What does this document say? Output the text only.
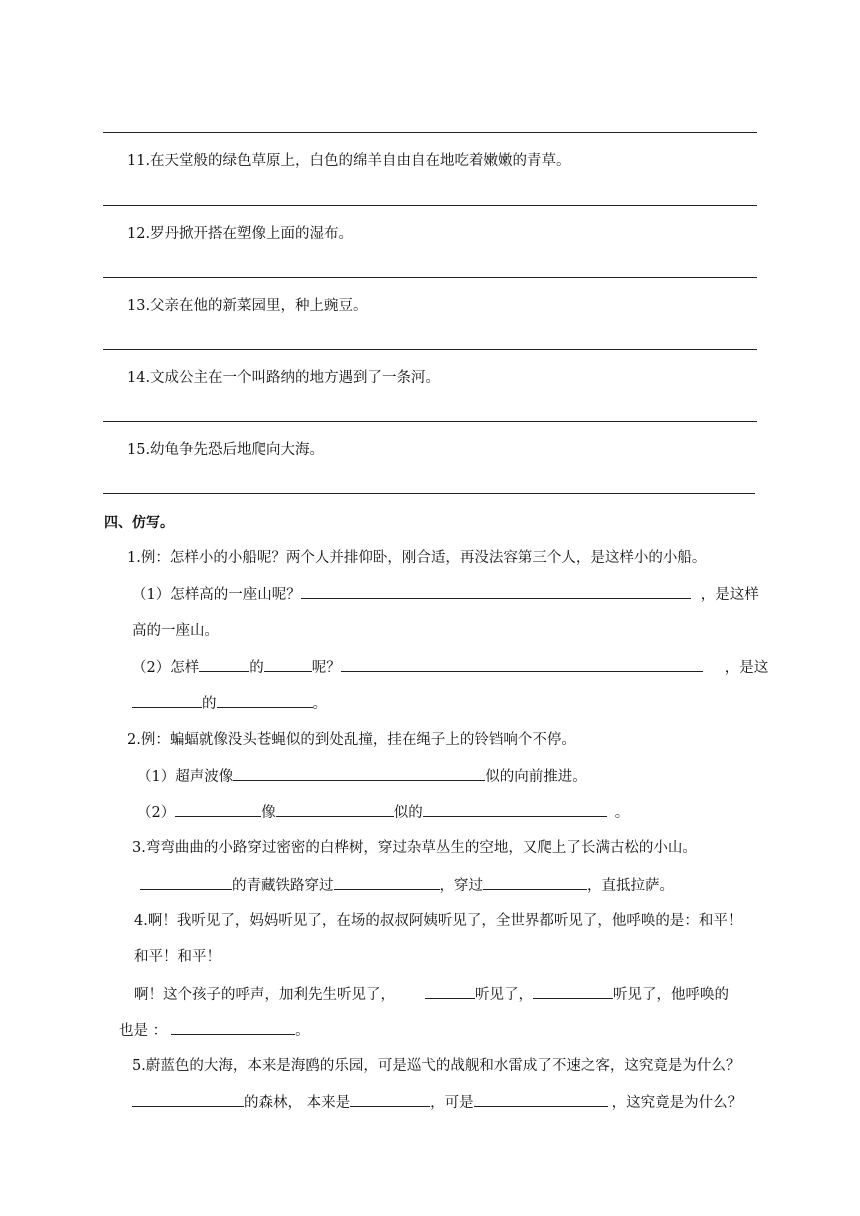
11.在天堂般的绿色草原上，白色的绵羊自由自在地吃着嫩嫩的青草。
12.罗丹掀开搭在塑像上面的湿布。
13.父亲在他的新菜园里，种上豌豆。
14.文成公主在一个叫路纳的地方遇到了一条河。
15.幼龟争先恐后地爬向大海。
四、仿写。
1.例：怎样小的小船呢？两个人并排仰卧，刚合适，再没法容第三个人，是这样小的小船。
（1）怎样高的一座山呢？	，是这样
高的一座山。
（2）怎样	的	呢？	，是这
的	。
2.例：蝙蝠就像没头苍蝇似的到处乱撞，挂在绳子上的铃铛响个不停。
（1）超声波像	似的向前推进。
（2）	像	似的	。
3.弯弯曲曲的小路穿过密密的白桦树，穿过杂草丛生的空地，又爬上了长满古松的小山。
的青藏铁路穿过	，穿过	，直抵拉萨。
4.啊！我听见了，妈妈听见了，在场的叔叔阿姨听见了，全世界都听见了，他呼唤的是：和平！
和平！和平！
啊！这个孩子的呼声，加利先生听见了，	听见了，	听见了，他呼唤的
也是 ：	。
5.蔚蓝色的大海，本来是海鸥的乐园，可是巡弋的战舰和水雷成了不速之客，这究竟是为什么？
的森林， 本来是	，可是	，这究竟是为什么？
